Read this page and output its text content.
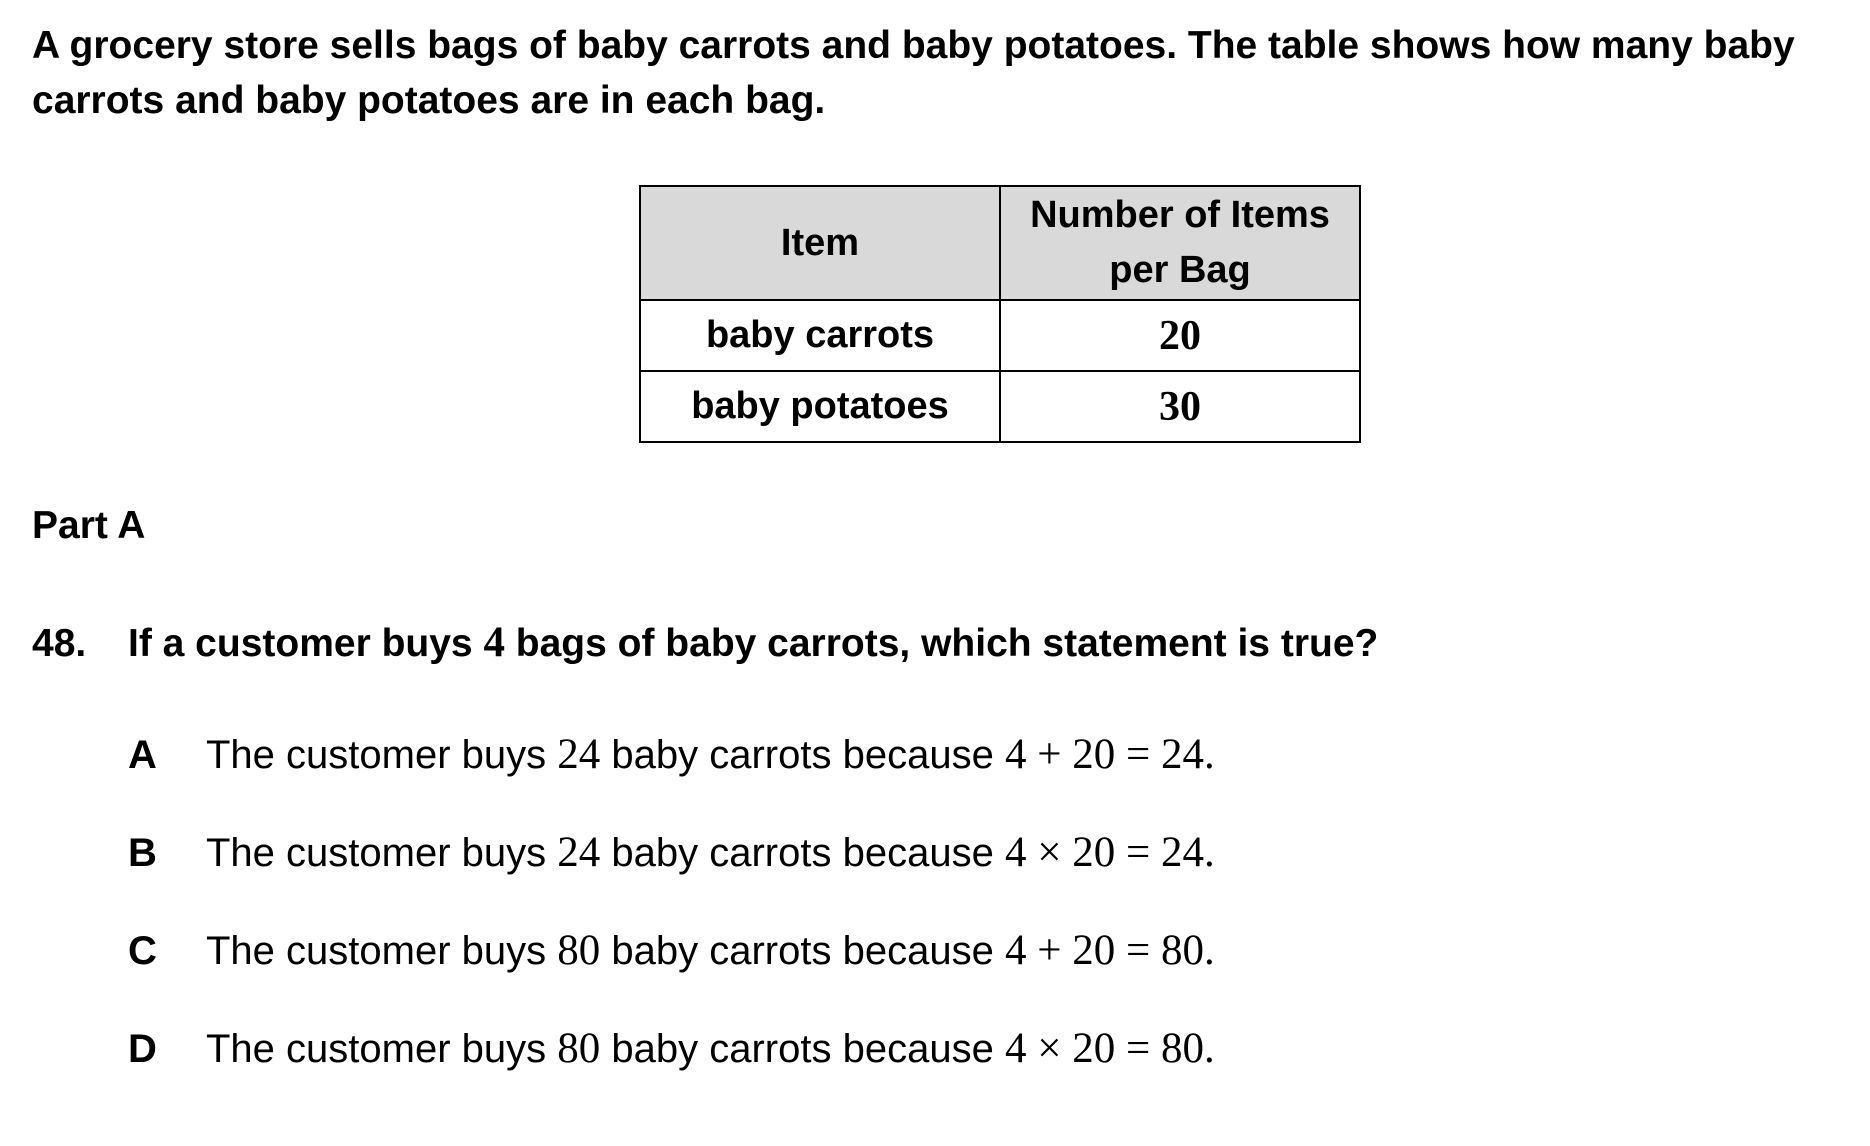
A grocery store sells bags of baby carrots and baby potatoes. The table shows how many baby carrots and baby potatoes are in each bag.
Item	Number of Items per Bag
baby carrots	20
baby potatoes	30
Part A
48. If a customer buys 4 bags of baby carrots, which statement is true?
A The customer buys 24 baby carrots because 4 + 20 = 24.
B The customer buys 24 baby carrots because 4 × 20 = 24.
C The customer buys 80 baby carrots because 4 + 20 = 80.
D The customer buys 80 baby carrots because 4 × 20 = 80.
